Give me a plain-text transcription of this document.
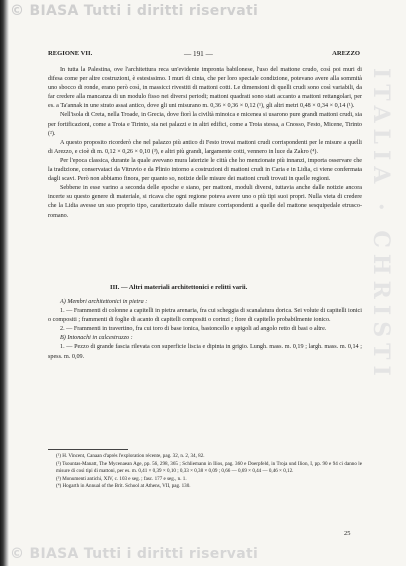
© BIASA Tutti i diritti riservati
ITALIA · CHRISTI
REGIONE VII.	— 191 —	AREZZO

In tutta la Palestina, ove l'architettura reca un'evidente impronta babilonese, l'uso del mattone crudo, così poi muri di difesa come per altre costruzioni, è estesissimo. I muri di cinta, che per loro speciale condizione, potevano avere alla sommità uno sbocco di ronde, erano però così, in massicci rivestiti di mattoni cotti. Le dimensioni di quelli crudi sono così variabili, da far credere alla mancanza di un modulo fisso nei diversi periodi; mattoni quadrati sono stati accanto a mattoni rettangolari, per es. a Ta'annak in une strato assai antico, dove gli uni misurano m. 0,36 × 0,36 × 0,12 (¹), gli altri metri 0,48 × 0,34 × 0,14 (¹).

Nell'isola di Creta, nella Troade, in Grecia, dove fiorì la civiltà minoica e micenea si usarono pure grandi mattoni crudi, sia per fortificazioni, come a Troia e Tirinto, sia nei palazzi e in altri edifici, come a Troia stessa, a Cnosso, Festo, Micene, Tirinto (²).

A questo proposito ricorderò che nel palazzo più antico di Festo trovai mattoni crudi corrispondenti per le misure a quelli di Arezzo, e cioè di m. 0,12 × 0,26 × 0,10 (³), e altri più grandi, largamente cotti, vennero in luce da Zakro (⁴).

Per l'epoca classica, durante la quale avevano mura laterizie le città che ho menzionate più innanzi, importa osservare che la tradizione, conservataci da Vitruvio e da Plinio intorno a costruzioni di mattoni crudi in Caria e in Lidia, ci viene confermata dagli scavi. Però non abbiamo finora, per quanto so, notizie delle misure dei mattoni crudi trovati in quelle regioni.

Sebbene in esse varino a seconda delle epoche e siano, per mattoni, moduli diversi, tuttavia anche dalle notizie ancora incerte su questo genere di materiale, si ricava che ogni regione poteva avere uno o più tipi suoi propri. Nulla vieta di credere che la Lidia avesse un suo proprio tipo, caratterizzato dalle misure corrispondenti a quelle del mattone sesquipedale etrusco-romano.

III. — Altri materiali architettonici e relitti varii.

A) Membri architettonici in pietra :

1. — Frammenti di colonne a capitelli in pietra arenaria, fra cui scheggia di scanalatura dorica. Sei volute di capitelli ionici o compositi ; frammenti di foglie di acanto di capitelli compositi o corinzi ; fiore di capitello probabilmente ionico.

2. — Frammenti in travertino, fra cui toro di base ionica, bastoncello e spigoli ad angolo retto di basi o altre.

B) Intonachi in calcestruzzo :

1. — Pezzo di grande fascia rilevata con superficie liscia e dipinta in grigio. Lungh. mass. m. 0,19 ; largh. mass. m. 0,14 ; spess. m. 0,09.

(¹) H. Vincent, Canaan d'après l'exploration récente, pag. 32, n. 2, 34, 82.

(²) Tsountas-Manatt, The Mycenaean Age, pp. 56, 298, 365 ; Schliemann in Ilios, pag. 360 e Doerpfeld, in Troja und Ilion, I, pp. 90 e 94 ci danno le misure di così tipi di mattoni, per es. m. 0,41 × 0,39 × 0,10 ; 0,33 × 0,38 × 0,09 ; 0,66 — 0,69 × 0,44 — 0,46 × 0,12.

(³) Monumenti antichi, XIV, c. 103 e seg. ; fasc. 177 e seg., n. 1.

(⁴) Hogarth in Annual of the Brit. School at Athens, VII, pag. 130.

25
© BIASA Tutti i diritti riservati
